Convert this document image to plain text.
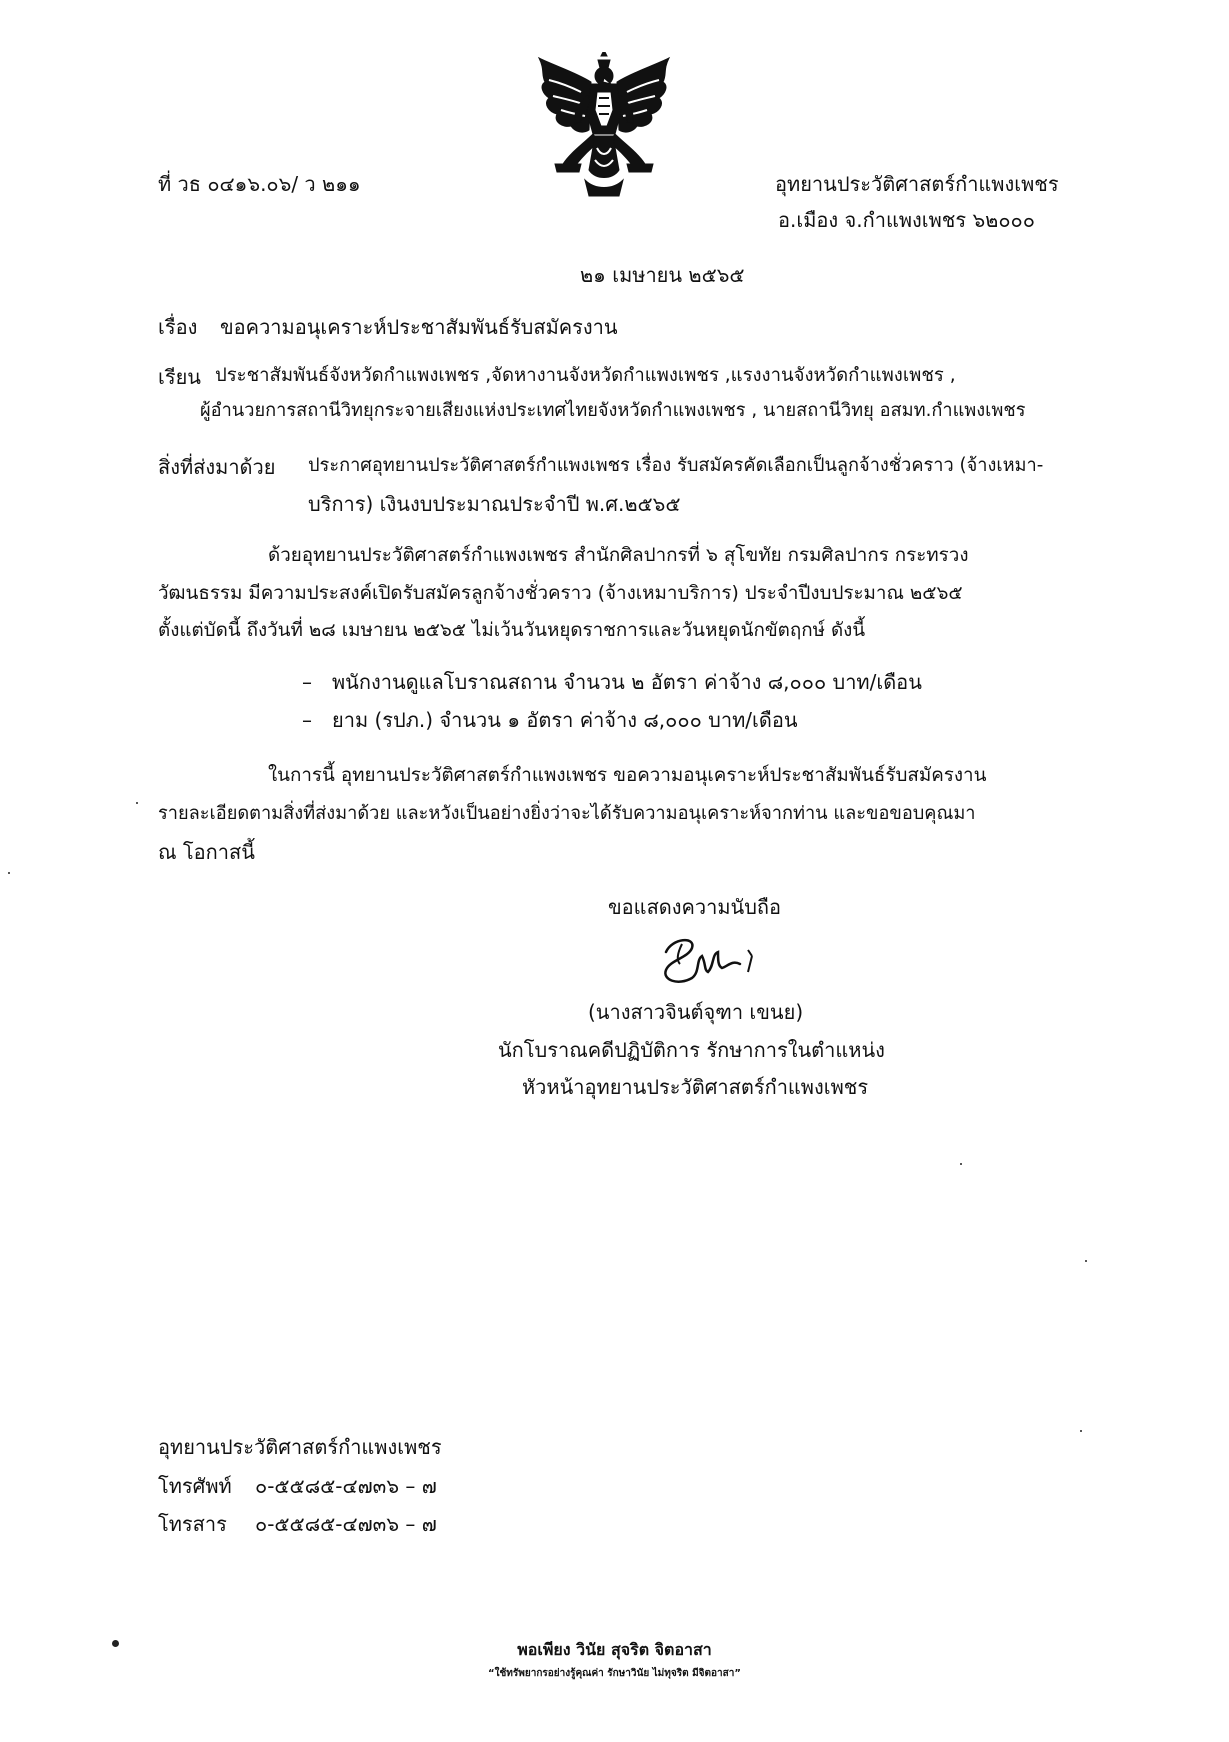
ที่ วธ ๐๔๑๖.๐๖/ ว ๒๑๑	อุทยานประวัติศาสตร์กำแพงเพชร
อ.เมือง จ.กำแพงเพชร ๖๒๐๐๐
๒๑ เมษายน ๒๕๖๕
เรื่อง ขอความอนุเคราะห์ประชาสัมพันธ์รับสมัครงาน
เรียน ประชาสัมพันธ์จังหวัดกำแพงเพชร ,จัดหางานจังหวัดกำแพงเพชร ,แรงงานจังหวัดกำแพงเพชร ,
ผู้อำนวยการสถานีวิทยุกระจายเสียงแห่งประเทศไทยจังหวัดกำแพงเพชร , นายสถานีวิทยุ อสมท.กำแพงเพชร
สิ่งที่ส่งมาด้วย ประกาศอุทยานประวัติศาสตร์กำแพงเพชร เรื่อง รับสมัครคัดเลือกเป็นลูกจ้างชั่วคราว (จ้างเหมา-
บริการ) เงินงบประมาณประจำปี พ.ศ.๒๕๖๕
ด้วยอุทยานประวัติศาสตร์กำแพงเพชร สำนักศิลปากรที่ ๖ สุโขทัย กรมศิลปากร กระทรวง
วัฒนธรรม มีความประสงค์เปิดรับสมัครลูกจ้างชั่วคราว (จ้างเหมาบริการ) ประจำปีงบประมาณ ๒๕๖๕
ตั้งแต่บัดนี้ ถึงวันที่ ๒๘ เมษายน ๒๕๖๕ ไม่เว้นวันหยุดราชการและวันหยุดนักขัตฤกษ์ ดังนี้
– พนักงานดูแลโบราณสถาน จำนวน ๒ อัตรา ค่าจ้าง ๘,๐๐๐ บาท/เดือน
– ยาม (รปภ.) จำนวน ๑ อัตรา ค่าจ้าง ๘,๐๐๐ บาท/เดือน
ในการนี้ อุทยานประวัติศาสตร์กำแพงเพชร ขอความอนุเคราะห์ประชาสัมพันธ์รับสมัครงาน
รายละเอียดตามสิ่งที่ส่งมาด้วย และหวังเป็นอย่างยิ่งว่าจะได้รับความอนุเคราะห์จากท่าน และขอขอบคุณมา
ณ โอกาสนี้
ขอแสดงความนับถือ
(นางสาวจินต์จุฑา เขนย)
นักโบราณคดีปฏิบัติการ รักษาการในตำแหน่ง
หัวหน้าอุทยานประวัติศาสตร์กำแพงเพชร
อุทยานประวัติศาสตร์กำแพงเพชร
โทรศัพท์ ๐-๕๕๘๕-๔๗๓๖ – ๗
โทรสาร ๐-๕๕๘๕-๔๗๓๖ – ๗
พอเพียง วินัย สุจริต จิตอาสา
“ใช้ทรัพยากรอย่างรู้คุณค่า รักษาวินัย ไม่ทุจริต มีจิตอาสา”
